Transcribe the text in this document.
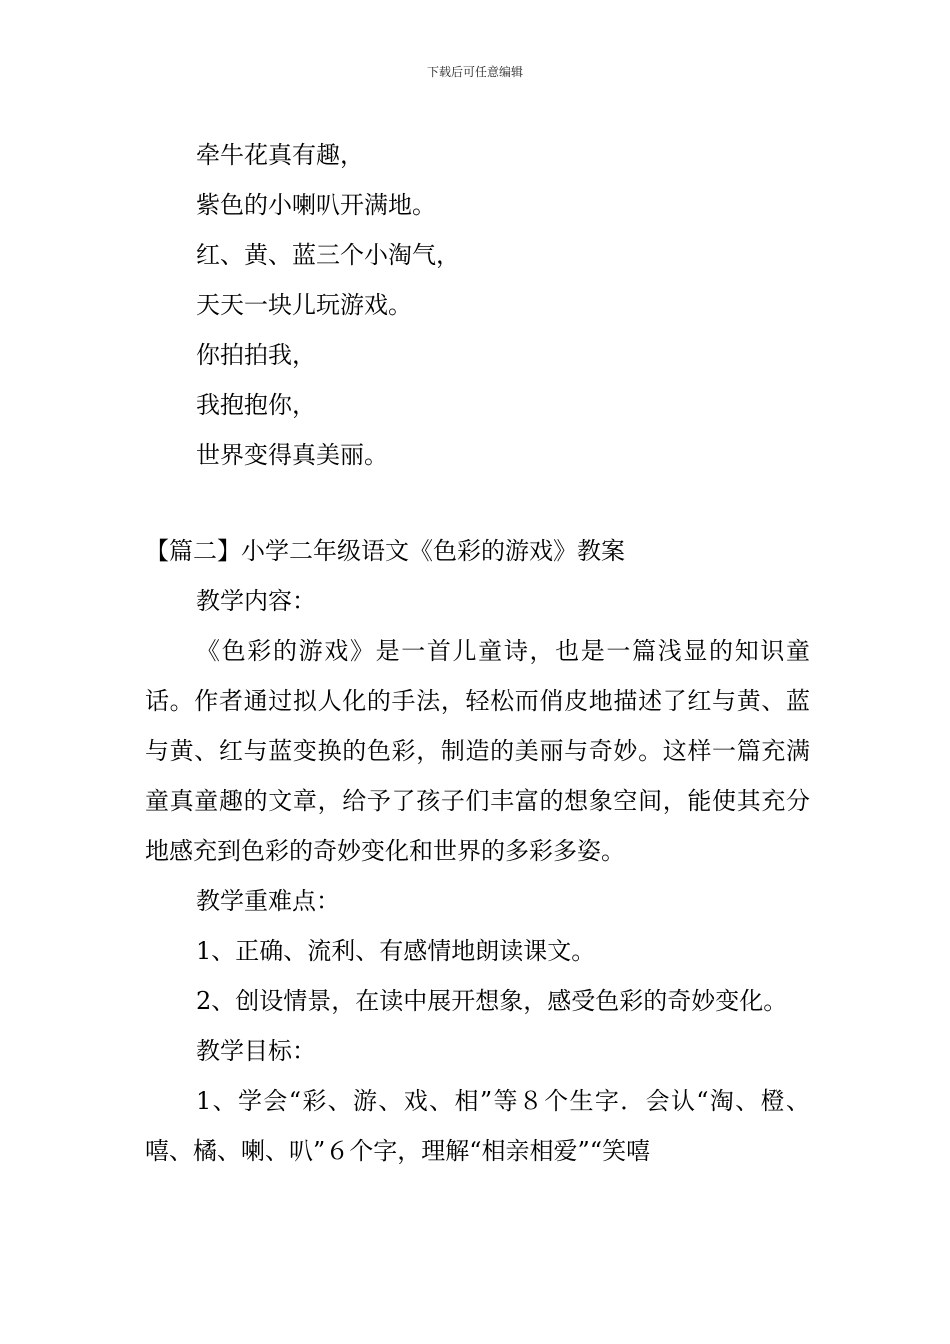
下载后可任意编辑
牵牛花真有趣，
紫色的小喇叭开满地。
红、黄、蓝三个小淘气，
天天一块儿玩游戏。
你拍拍我，
我抱抱你，
世界变得真美丽。
【篇二】小学二年级语文《色彩的游戏》教案

教学内容：

《色彩的游戏》是一首儿童诗，也是一篇浅显的知识童话。作者通过拟人化的手法，轻松而俏皮地描述了红与黄、蓝与黄、红与蓝变换的色彩，制造的美丽与奇妙。这样一篇充满童真童趣的文章，给予了孩子们丰富的想象空间，能使其充分地感充到色彩的奇妙变化和世界的多彩多姿。

教学重难点：

1、正确、流利、有感情地朗读课文。

2、创设情景，在读中展开想象，感受色彩的奇妙变化。

教学目标：

1、学会“彩、游、戏、相”等８个生字．会认“淘、橙、嘻、橘、喇、叭”６个字，理解“相亲相爱”“笑嘻
